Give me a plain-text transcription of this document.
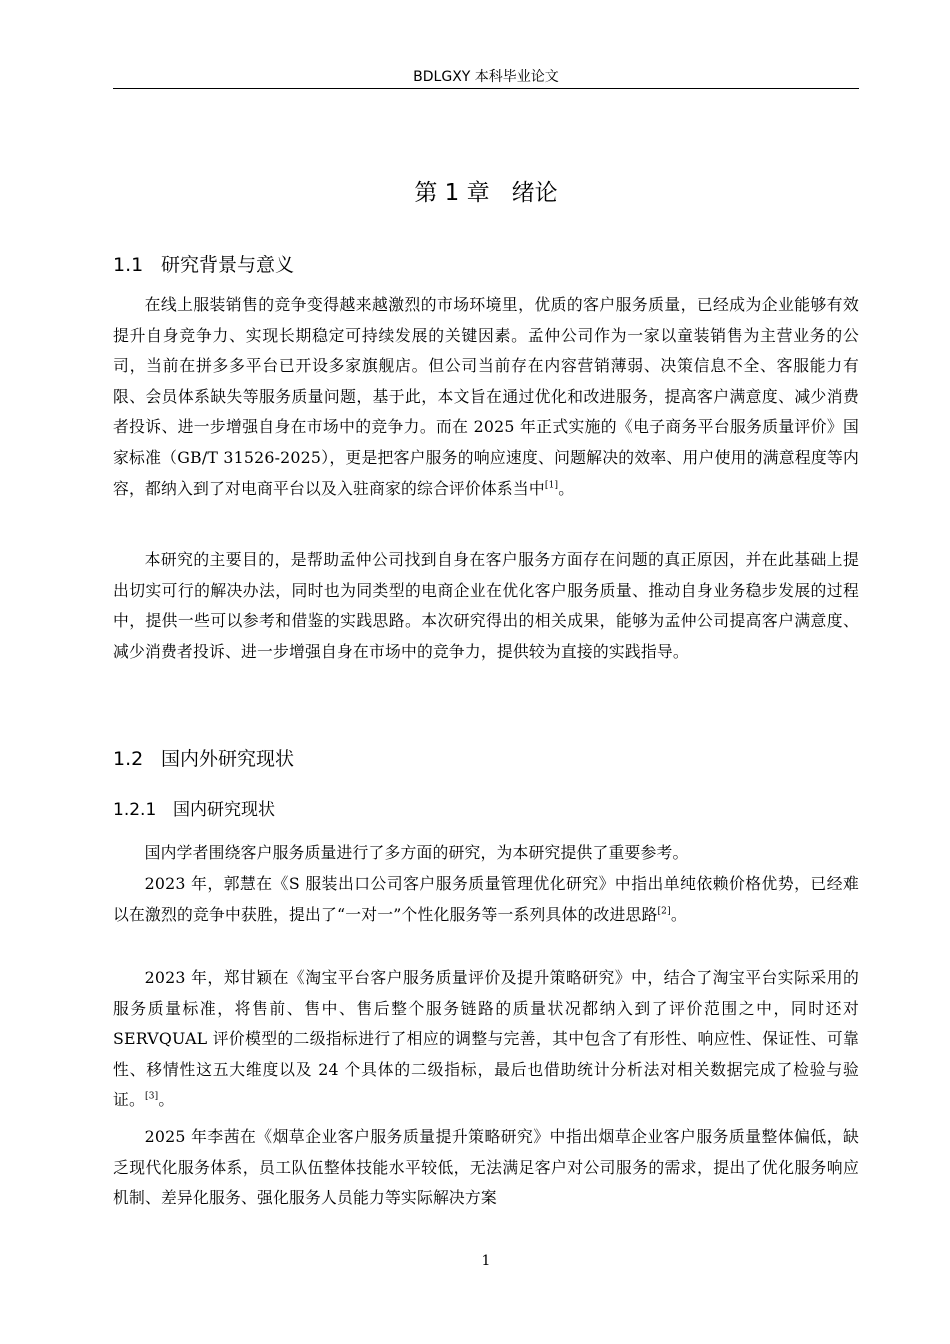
BDLGXY 本科毕业论文
第 1 章 绪论
1.1 研究背景与意义

在线上服装销售的竞争变得越来越激烈的市场环境里，优质的客户服务质量，已经成为企业能够有效提升自身竞争力、实现长期稳定可持续发展的关键因素。孟仲公司作为一家以童装销售为主营业务的公司，当前在拼多多平台已开设多家旗舰店。但公司当前存在内容营销薄弱、决策信息不全、客服能力有限、会员体系缺失等服务质量问题，基于此，本文旨在通过优化和改进服务，提高客户满意度、减少消费者投诉、进一步增强自身在市场中的竞争力。而在 2025 年正式实施的《电子商务平台服务质量评价》国家标准（GB/T 31526-2025），更是把客户服务的响应速度、问题解决的效率、用户使用的满意程度等内容，都纳入到了对电商平台以及入驻商家的综合评价体系当中[1]。

本研究的主要目的，是帮助孟仲公司找到自身在客户服务方面存在问题的真正原因，并在此基础上提出切实可行的解决办法，同时也为同类型的电商企业在优化客户服务质量、推动自身业务稳步发展的过程中，提供一些可以参考和借鉴的实践思路。本次研究得出的相关成果，能够为孟仲公司提高客户满意度、减少消费者投诉、进一步增强自身在市场中的竞争力，提供较为直接的实践指导。

1.2 国内外研究现状
1.2.1 国内研究现状

国内学者围绕客户服务质量进行了多方面的研究，为本研究提供了重要参考。

2023 年，郭慧在《S 服装出口公司客户服务质量管理优化研究》中指出单纯依赖价格优势，已经难以在激烈的竞争中获胜，提出了“一对一”个性化服务等一系列具体的改进思路[2]。

2023 年，郑甘颖在《淘宝平台客户服务质量评价及提升策略研究》中，结合了淘宝平台实际采用的服务质量标准，将售前、售中、售后整个服务链路的质量状况都纳入到了评价范围之中，同时还对 SERVQUAL 评价模型的二级指标进行了相应的调整与完善，其中包含了有形性、响应性、保证性、可靠性、移情性这五大维度以及 24 个具体的二级指标，最后也借助统计分析法对相关数据完成了检验与验证。[3]。

2025 年李茜在《烟草企业客户服务质量提升策略研究》中指出烟草企业客户服务质量整体偏低，缺乏现代化服务体系，员工队伍整体技能水平较低，无法满足客户对公司服务的需求，提出了优化服务响应机制、差异化服务、强化服务人员能力等实际解决方案

1
